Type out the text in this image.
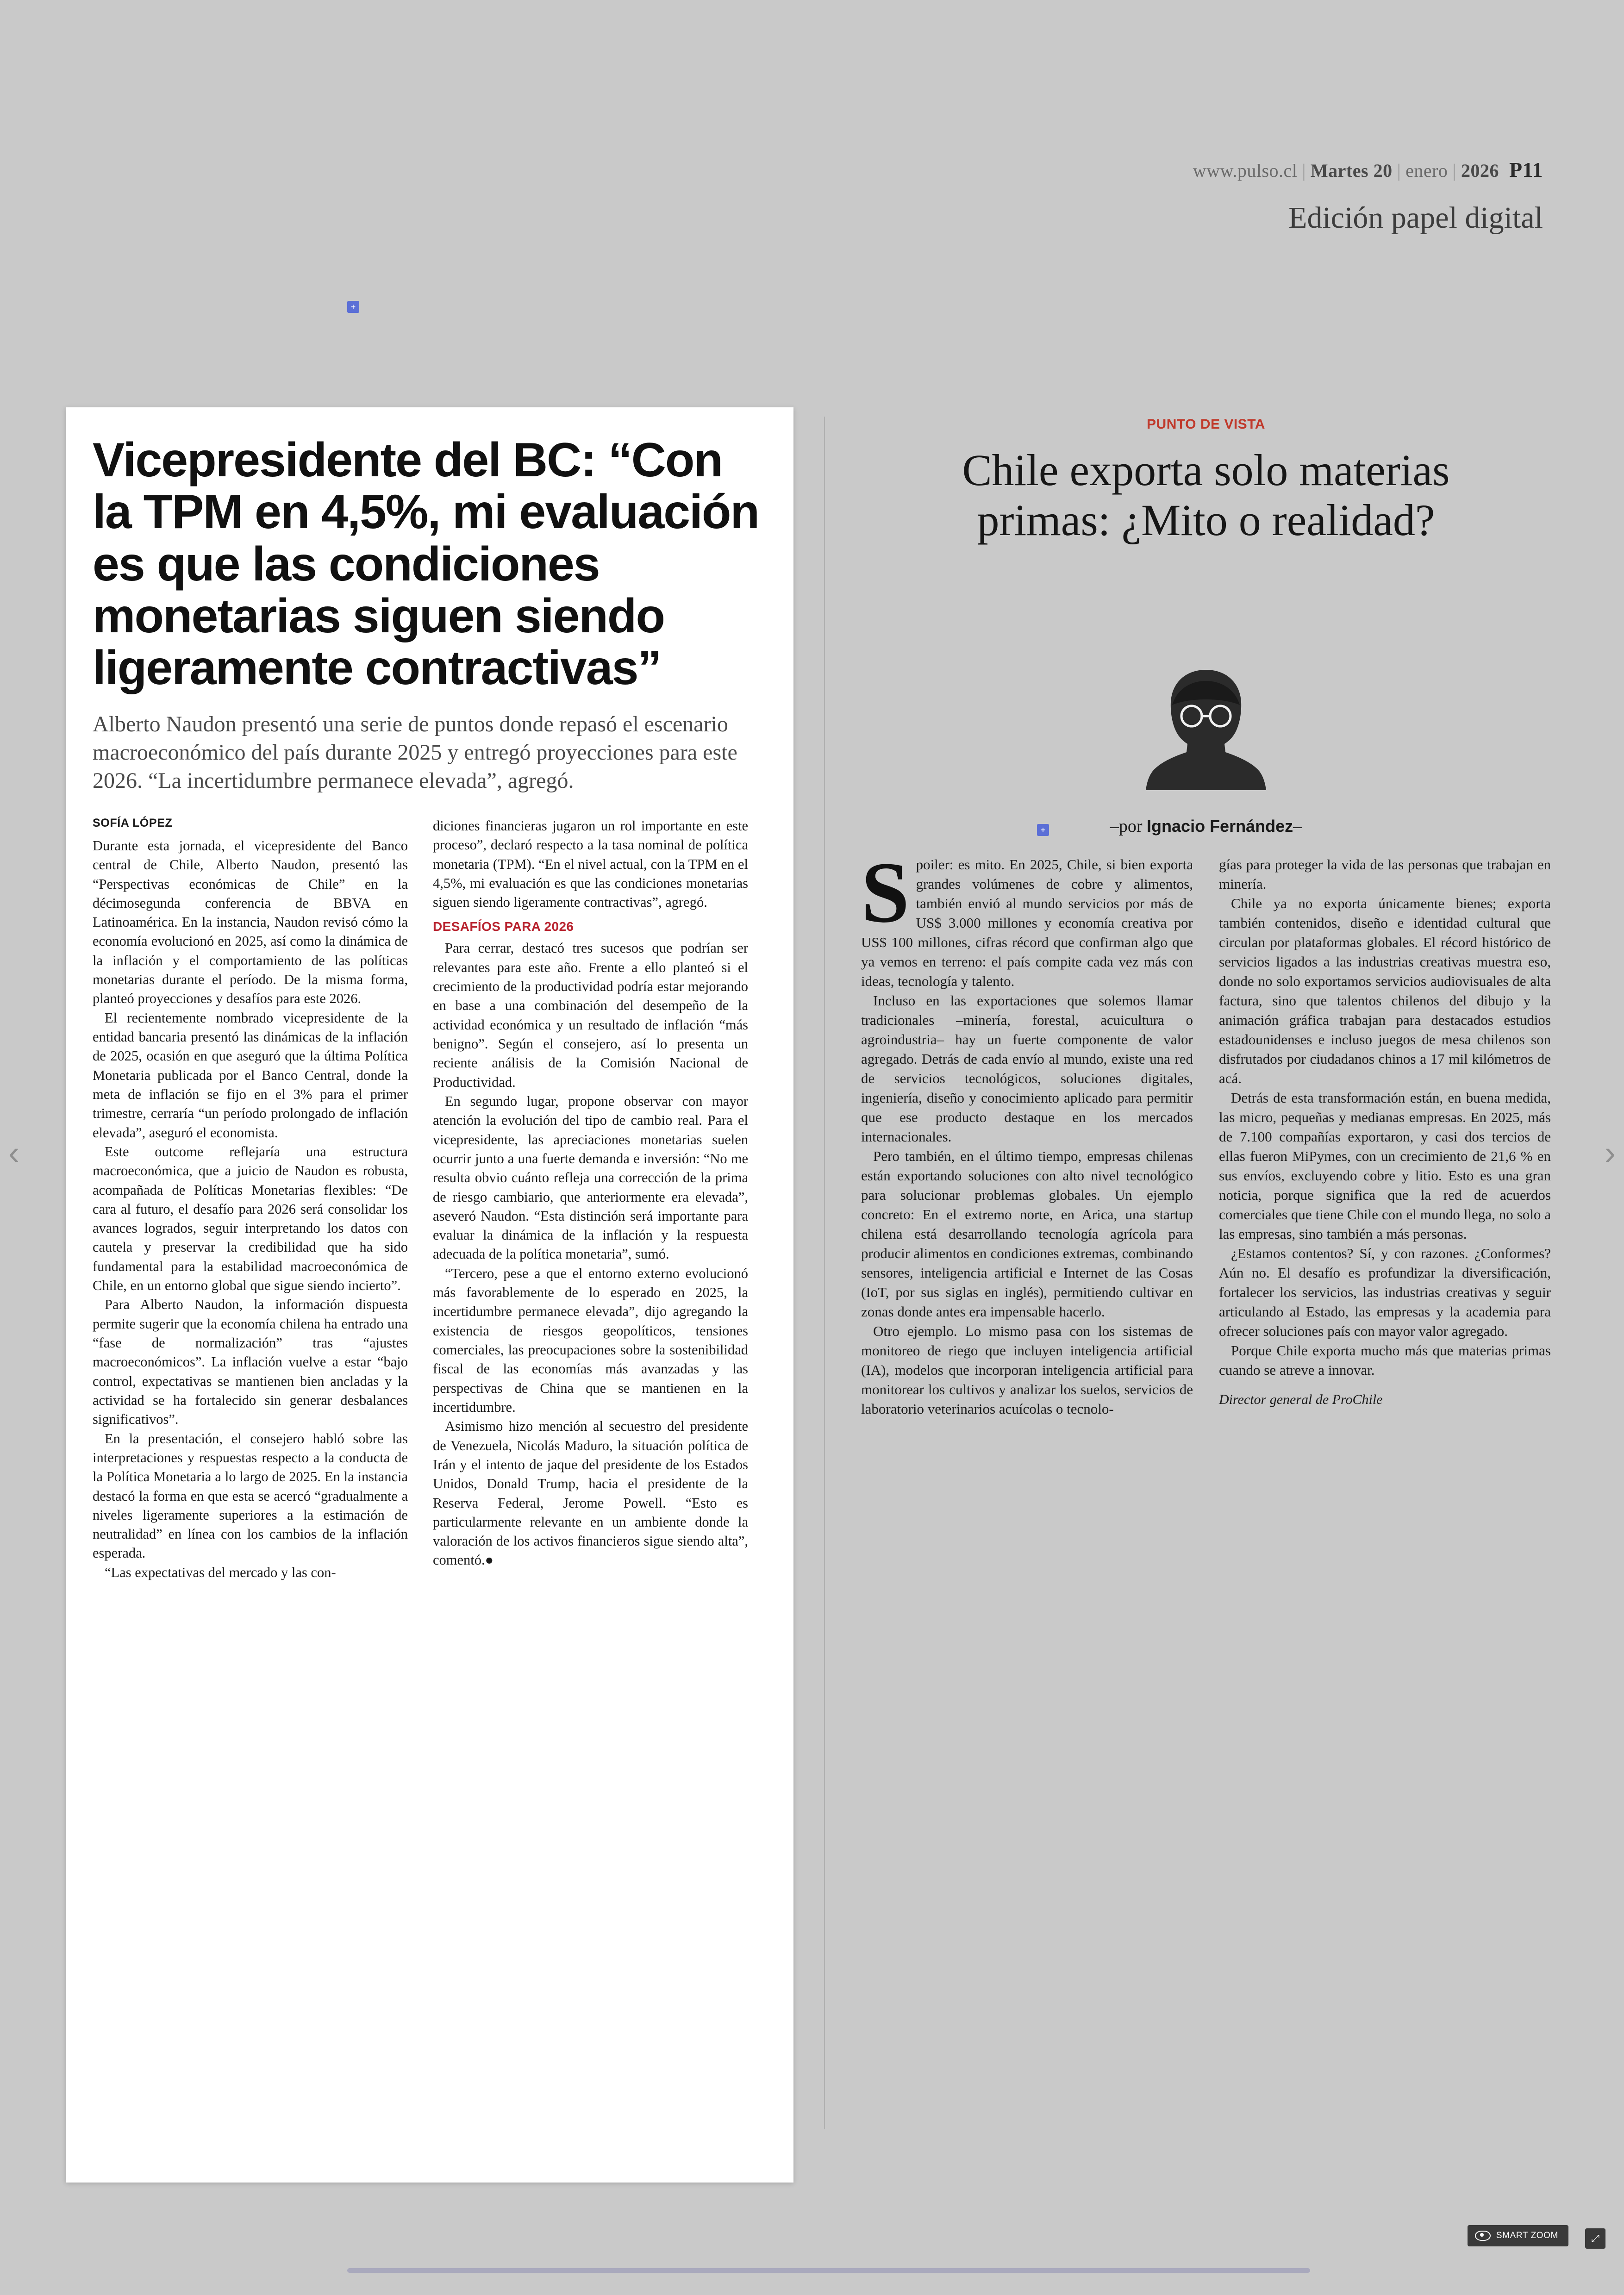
www.pulso.cl | Martes 20 | enero | 2026 P11
Edición papel digital
‹	›
+
+
Vicepresidente del BC: “Con la TPM en 4,5%, mi evaluación es que las condiciones monetarias siguen siendo ligeramente contractivas”
Alberto Naudon presentó una serie de puntos donde repasó el escenario macroeconómico del país durante 2025 y entregó proyecciones para este 2026. “La incertidumbre permanece elevada”, agregó.
SOFÍA LÓPEZ

Durante esta jornada, el vicepresidente del Banco central de Chile, Alberto Naudon, presentó las “Perspectivas económicas de Chile” en la décimosegunda conferencia de BBVA en Latinoamérica. En la instancia, Naudon revisó cómo la economía evolucionó en 2025, así como la dinámica de la inflación y el comportamiento de las políticas monetarias durante el período. De la misma forma, planteó proyecciones y desafíos para este 2026.

El recientemente nombrado vicepresidente de la entidad bancaria presentó las dinámicas de la inflación de 2025, ocasión en que aseguró que la última Política Monetaria publicada por el Banco Central, donde la meta de inflación se fijo en el 3% para el primer trimestre, cerraría “un período prolongado de inflación elevada”, aseguró el economista.

Este outcome reflejaría una estructura macroeconómica, que a juicio de Naudon es robusta, acompañada de Políticas Monetarias flexibles: “De cara al futuro, el desafío para 2026 será consolidar los avances logrados, seguir interpretando los datos con cautela y preservar la credibilidad que ha sido fundamental para la estabilidad macroeconómica de Chile, en un entorno global que sigue siendo incierto”.

Para Alberto Naudon, la información dispuesta permite sugerir que la economía chilena ha entrado una “fase de normalización” tras “ajustes macroeconómicos”. La inflación vuelve a estar “bajo control, expectativas se mantienen bien ancladas y la actividad se ha fortalecido sin generar desbalances significativos”.

En la presentación, el consejero habló sobre las interpretaciones y respuestas respecto a la conducta de la Política Monetaria a lo largo de 2025. En la instancia destacó la forma en que esta se acercó “gradualmente a niveles ligeramente superiores a la estimación de neutralidad” en línea con los cambios de la inflación esperada.

“Las expectativas del mercado y las con-

diciones financieras jugaron un rol importante en este proceso”, declaró respecto a la tasa nominal de política monetaria (TPM). “En el nivel actual, con la TPM en el 4,5%, mi evaluación es que las condiciones monetarias siguen siendo ligeramente contractivas”, agregó.

DESAFÍOS PARA 2026

Para cerrar, destacó tres sucesos que podrían ser relevantes para este año. Frente a ello planteó si el crecimiento de la productividad podría estar mejorando en base a una combinación del desempeño de la actividad económica y un resultado de inflación “más benigno”. Según el consejero, así lo presenta un reciente análisis de la Comisión Nacional de Productividad.

En segundo lugar, propone observar con mayor atención la evolución del tipo de cambio real. Para el vicepresidente, las apreciaciones monetarias suelen ocurrir junto a una fuerte demanda e inversión: “No me resulta obvio cuánto refleja una corrección de la prima de riesgo cambiario, que anteriormente era elevada”, aseveró Naudon. “Esta distinción será importante para evaluar la dinámica de la inflación y la respuesta adecuada de la política monetaria”, sumó.

“Tercero, pese a que el entorno externo evolucionó más favorablemente de lo esperado en 2025, la incertidumbre permanece elevada”, dijo agregando la existencia de riesgos geopolíticos, tensiones comerciales, las preocupaciones sobre la sostenibilidad fiscal de las economías más avanzadas y las perspectivas de China que se mantienen en la incertidumbre.

Asimismo hizo mención al secuestro del presidente de Venezuela, Nicolás Maduro, la situación política de Irán y el intento de jaque del presidente de los Estados Unidos, Donald Trump, hacia el presidente de la Reserva Federal, Jerome Powell. “Esto es particularmente relevante en un ambiente donde la valoración de los activos financieros sigue siendo alta”, comentó.●

PUNTO DE VISTA
Chile exporta solo materias primas: ¿Mito o realidad?
–por Ignacio Fernández–

Spoiler: es mito. En 2025, Chile, si bien exporta grandes volúmenes de cobre y alimentos, también envió al mundo servicios por más de US$ 3.000 millones y economía creativa por US$ 100 millones, cifras récord que confirman algo que ya vemos en terreno: el país compite cada vez más con ideas, tecnología y talento.

Incluso en las exportaciones que solemos llamar tradicionales –minería, forestal, acuicultura o agroindustria– hay un fuerte componente de valor agregado. Detrás de cada envío al mundo, existe una red de servicios tecnológicos, soluciones digitales, ingeniería, diseño y conocimiento aplicado para permitir que ese producto destaque en los mercados internacionales.

Pero también, en el último tiempo, empresas chilenas están exportando soluciones con alto nivel tecnológico para solucionar problemas globales. Un ejemplo concreto: En el extremo norte, en Arica, una startup chilena está desarrollando tecnología agrícola para producir alimentos en condiciones extremas, combinando sensores, inteligencia artificial e Internet de las Cosas (IoT, por sus siglas en inglés), permitiendo cultivar en zonas donde antes era impensable hacerlo.

Otro ejemplo. Lo mismo pasa con los sistemas de monitoreo de riego que incluyen inteligencia artificial (IA), modelos que incorporan inteligencia artificial para monitorear los cultivos y analizar los suelos, servicios de laboratorio veterinarios acuícolas o tecnolo-

gías para proteger la vida de las personas que trabajan en minería.

Chile ya no exporta únicamente bienes; exporta también contenidos, diseño e identidad cultural que circulan por plataformas globales. El récord histórico de servicios ligados a las industrias creativas muestra eso, donde no solo exportamos servicios audiovisuales de alta factura, sino que talentos chilenos del dibujo y la animación gráfica trabajan para destacados estudios estadounidenses e incluso juegos de mesa chilenos son disfrutados por ciudadanos chinos a 17 mil kilómetros de acá.

Detrás de esta transformación están, en buena medida, las micro, pequeñas y medianas empresas. En 2025, más de 7.100 compañías exportaron, y casi dos tercios de ellas fueron MiPymes, con un crecimiento de 21,6 % en sus envíos, excluyendo cobre y litio. Esto es una gran noticia, porque significa que la red de acuerdos comerciales que tiene Chile con el mundo llega, no solo a las empresas, sino también a más personas.

¿Estamos contentos? Sí, y con razones. ¿Conformes? Aún no. El desafío es profundizar la diversificación, fortalecer los servicios, las industrias creativas y seguir articulando al Estado, las empresas y la academia para ofrecer soluciones país con mayor valor agregado.

Porque Chile exporta mucho más que materias primas cuando se atreve a innovar.

Director general de ProChile
SMART ZOOM	⤢
